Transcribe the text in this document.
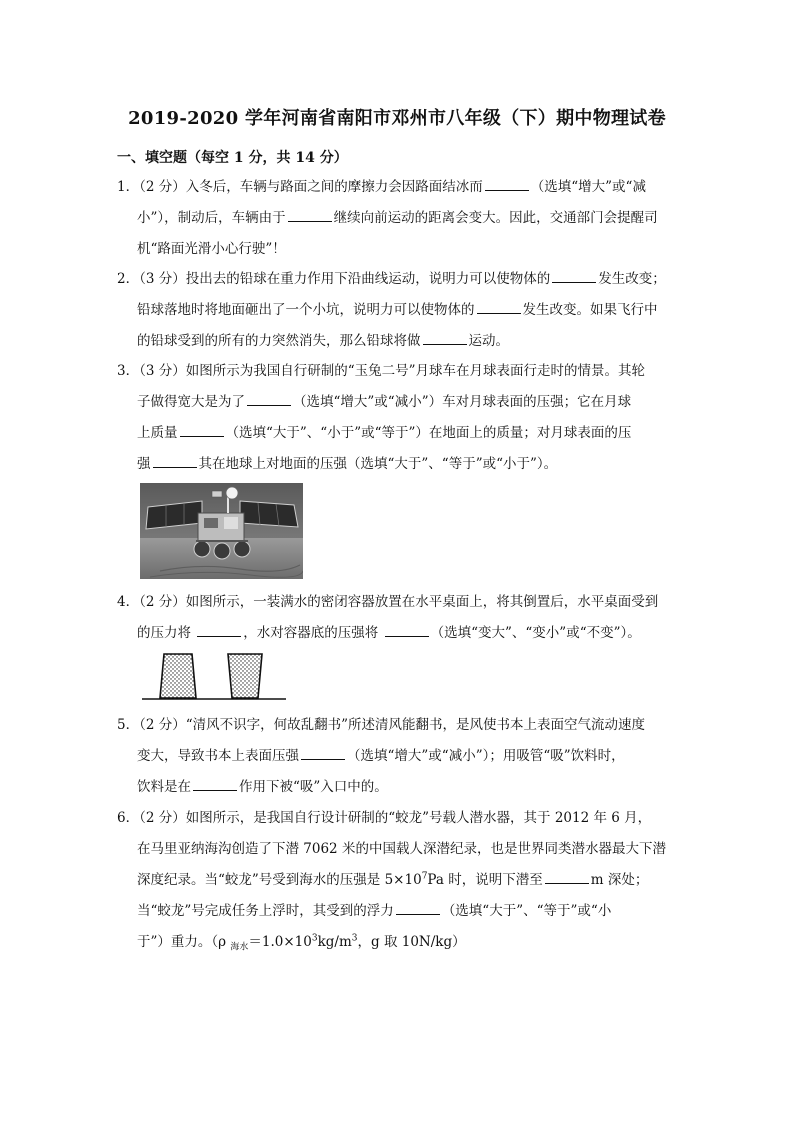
2019-2020 学年河南省南阳市邓州市八年级（下）期中物理试卷
一、填空题（每空 1 分，共 14 分）
1．（2 分）入冬后，车辆与路面之间的摩擦力会因路面结冰而	（选填“增大”或“减
小”），制动后，车辆由于	继续向前运动的距离会变大。因此，交通部门会提醒司
机“路面光滑小心行驶”！
2．（3 分）投出去的铅球在重力作用下沿曲线运动，说明力可以使物体的	发生改变；
铅球落地时将地面砸出了一个小坑，说明力可以使物体的	发生改变。如果飞行中
的铅球受到的所有的力突然消失，那么铅球将做	运动。
3．（3 分）如图所示为我国自行研制的“玉兔二号”月球车在月球表面行走时的情景。其轮
子做得宽大是为了	（选填“增大”或“减小”）车对月球表面的压强；它在月球
上质量	（选填“大于”、“小于”或“等于”）在地面上的质量；对月球表面的压
强	其在地球上对地面的压强（选填“大于”、“等于”或“小于”）。
4．（2 分）如图所示，一装满水的密闭容器放置在水平桌面上，将其倒置后，水平桌面受到
的压力将	，水对容器底的压强将	（选填“变大”、“变小”或“不变”）。
5．（2 分）“清风不识字，何故乱翻书”所述清风能翻书，是风使书本上表面空气流动速度
变大，导致书本上表面压强	（选填“增大”或“减小”）；用吸管“吸”饮料时，
饮料是在	作用下被“吸”入口中的。
6．（2 分）如图所示，是我国自行设计研制的“蛟龙”号载人潜水器，其于 2012 年 6 月，
在马里亚纳海沟创造了下潜 7062 米的中国载人深潜纪录，也是世界同类潜水器最大下潜
深度纪录。当“蛟龙”号受到海水的压强是 $5\times 10^7Pa$ 时，说明下潜至	m 深处；
当“蛟龙”号完成任务上浮时，其受到的浮力	（选填“大于”、“等于”或“小
于”）重力。（ρ $_{海水}=1.0\times 10^3kg/m^3$，g 取 10N/kg）
